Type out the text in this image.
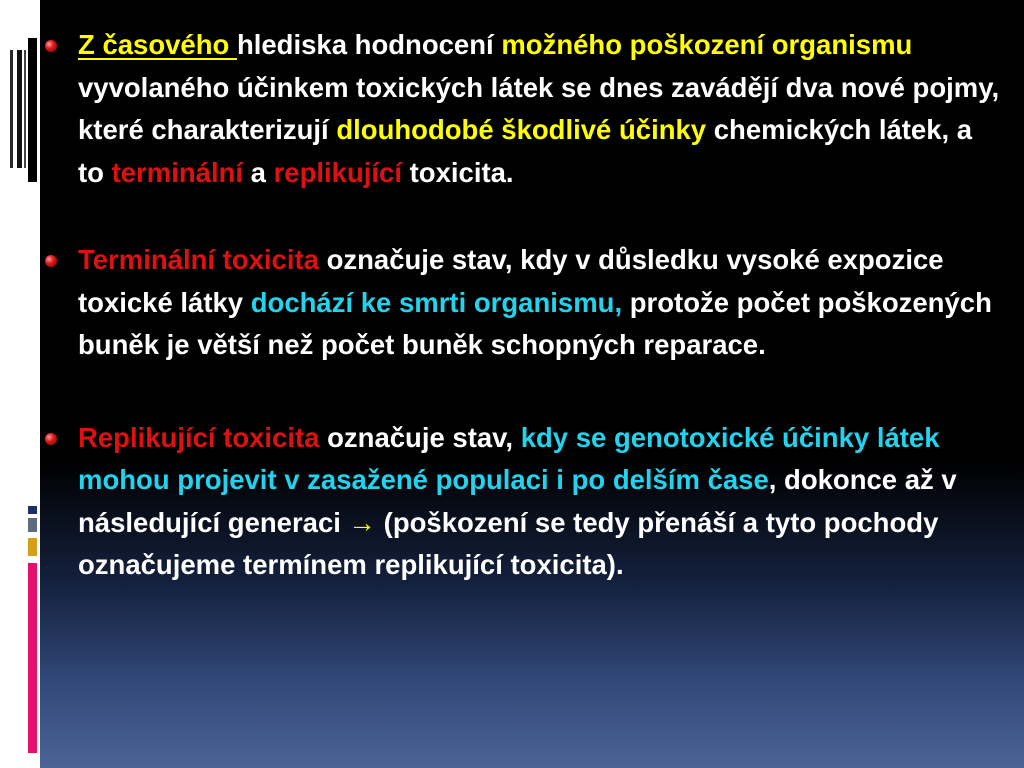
Z časového hlediska hodnocení možného poškození organismu vyvolaného účinkem toxických látek se dnes zavádějí dva nové pojmy, které charakterizují dlouhodobé škodlivé účinky chemických látek, a to terminální a replikující toxicita.

Terminální toxicita označuje stav, kdy v důsledku vysoké expozice toxické látky dochází ke smrti organismu, protože počet poškozených buněk je větší než počet buněk schopných reparace.

Replikující toxicita označuje stav, kdy se genotoxické účinky látek mohou projevit v zasažené populaci i po delším čase, dokonce až v následující generaci → (poškození se tedy přenáší a tyto pochody označujeme termínem replikující toxicita).
